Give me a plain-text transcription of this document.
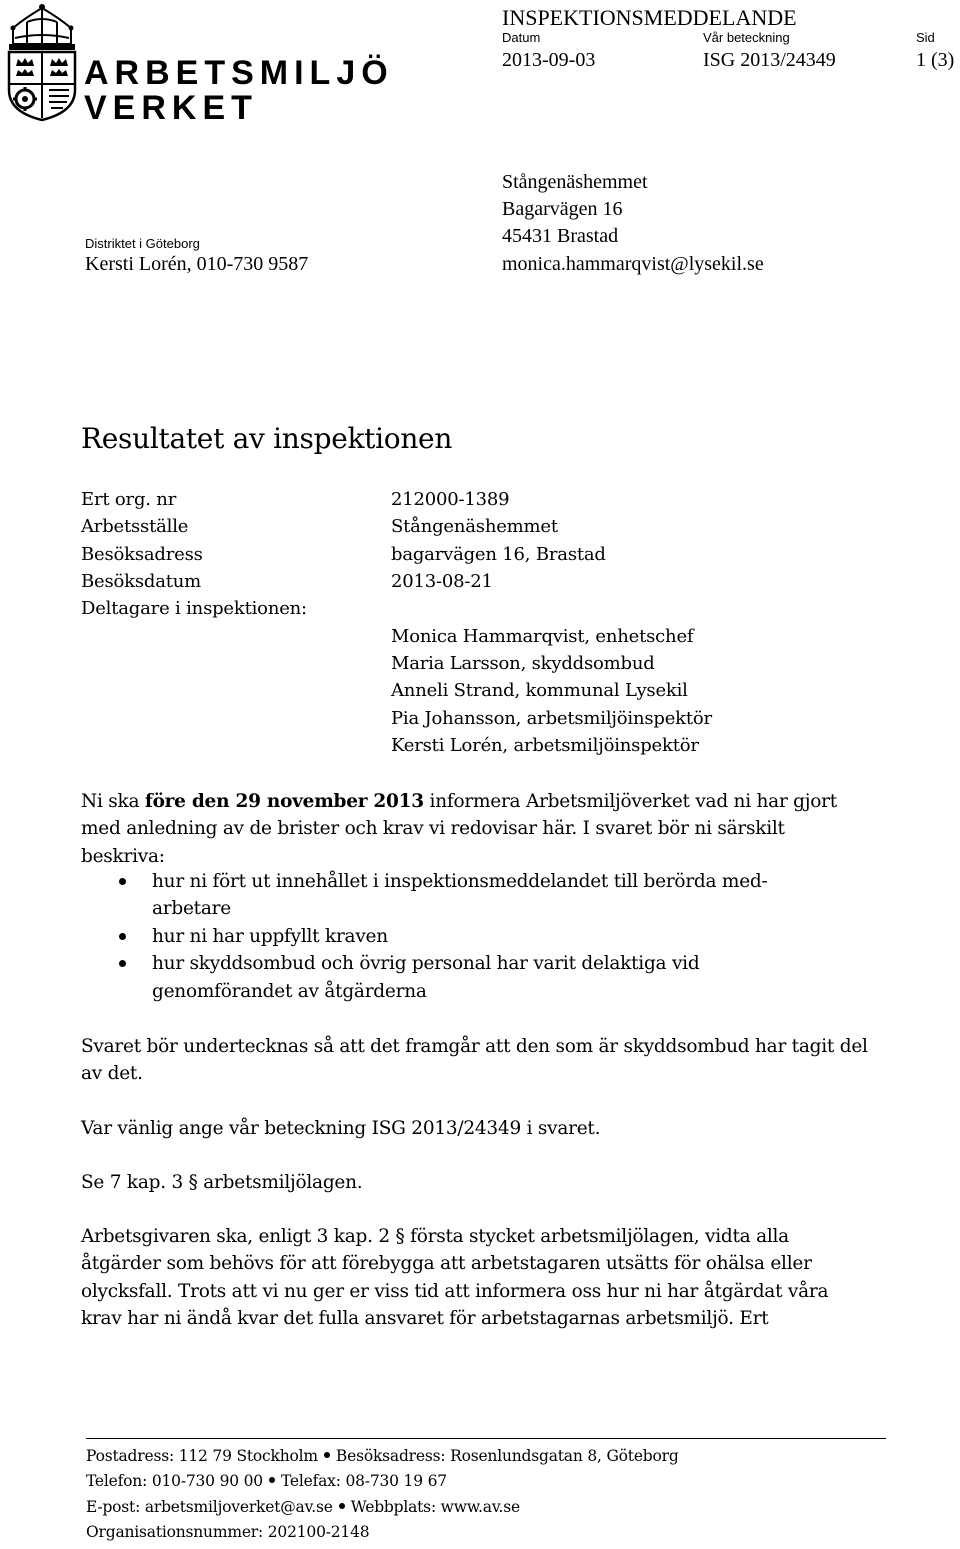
ARBETSMILJÖ
VERKET
INSPEKTIONSMEDDELANDE
Datum	Vår beteckning	Sid
2013-09-03	ISG 2013/24349	1 (3)
Distriktet i Göteborg
Kersti Lorén, 010-730 9587
Stångenäshemmet
Bagarvägen 16
45431 Brastad
monica.hammarqvist@lysekil.se
Resultatet av inspektionen
Ert org. nr	212000-1389
Arbetsställe	Stångenäshemmet
Besöksadress	bagarvägen 16, Brastad
Besöksdatum	2013-08-21
Deltagare i inspektionen:
Monica Hammarqvist, enhetschef
Maria Larsson, skyddsombud
Anneli Strand, kommunal Lysekil
Pia Johansson, arbetsmiljöinspektör
Kersti Lorén, arbetsmiljöinspektör

Ni ska före den 29 november 2013 informera Arbetsmiljöverket vad ni har gjort med anledning av de brister och krav vi redovisar här. I svaret bör ni särskilt beskriva:

hur ni fört ut innehållet i inspektionsmeddelandet till berörda med-arbetare
hur ni har uppfyllt kraven
hur skyddsombud och övrig personal har varit delaktiga vid genomförandet av åtgärderna

Svaret bör undertecknas så att det framgår att den som är skyddsombud har tagit del av det.

Var vänlig ange vår beteckning ISG 2013/24349 i svaret.

Se 7 kap. 3 § arbetsmiljölagen.

Arbetsgivaren ska, enligt 3 kap. 2 § första stycket arbetsmiljölagen, vidta alla åtgärder som behövs för att förebygga att arbetstagaren utsätts för ohälsa eller olycksfall. Trots att vi nu ger er viss tid att informera oss hur ni har åtgärdat våra krav har ni ändå kvar det fulla ansvaret för arbetstagarnas arbetsmiljö. Ert

Postadress: 112 79 Stockholm Besöksadress: Rosenlundsgatan 8, Göteborg
Telefon: 010-730 90 00 Telefax: 08-730 19 67
E-post: arbetsmiljoverket@av.se Webbplats: www.av.se
Organisationsnummer: 202100-2148
